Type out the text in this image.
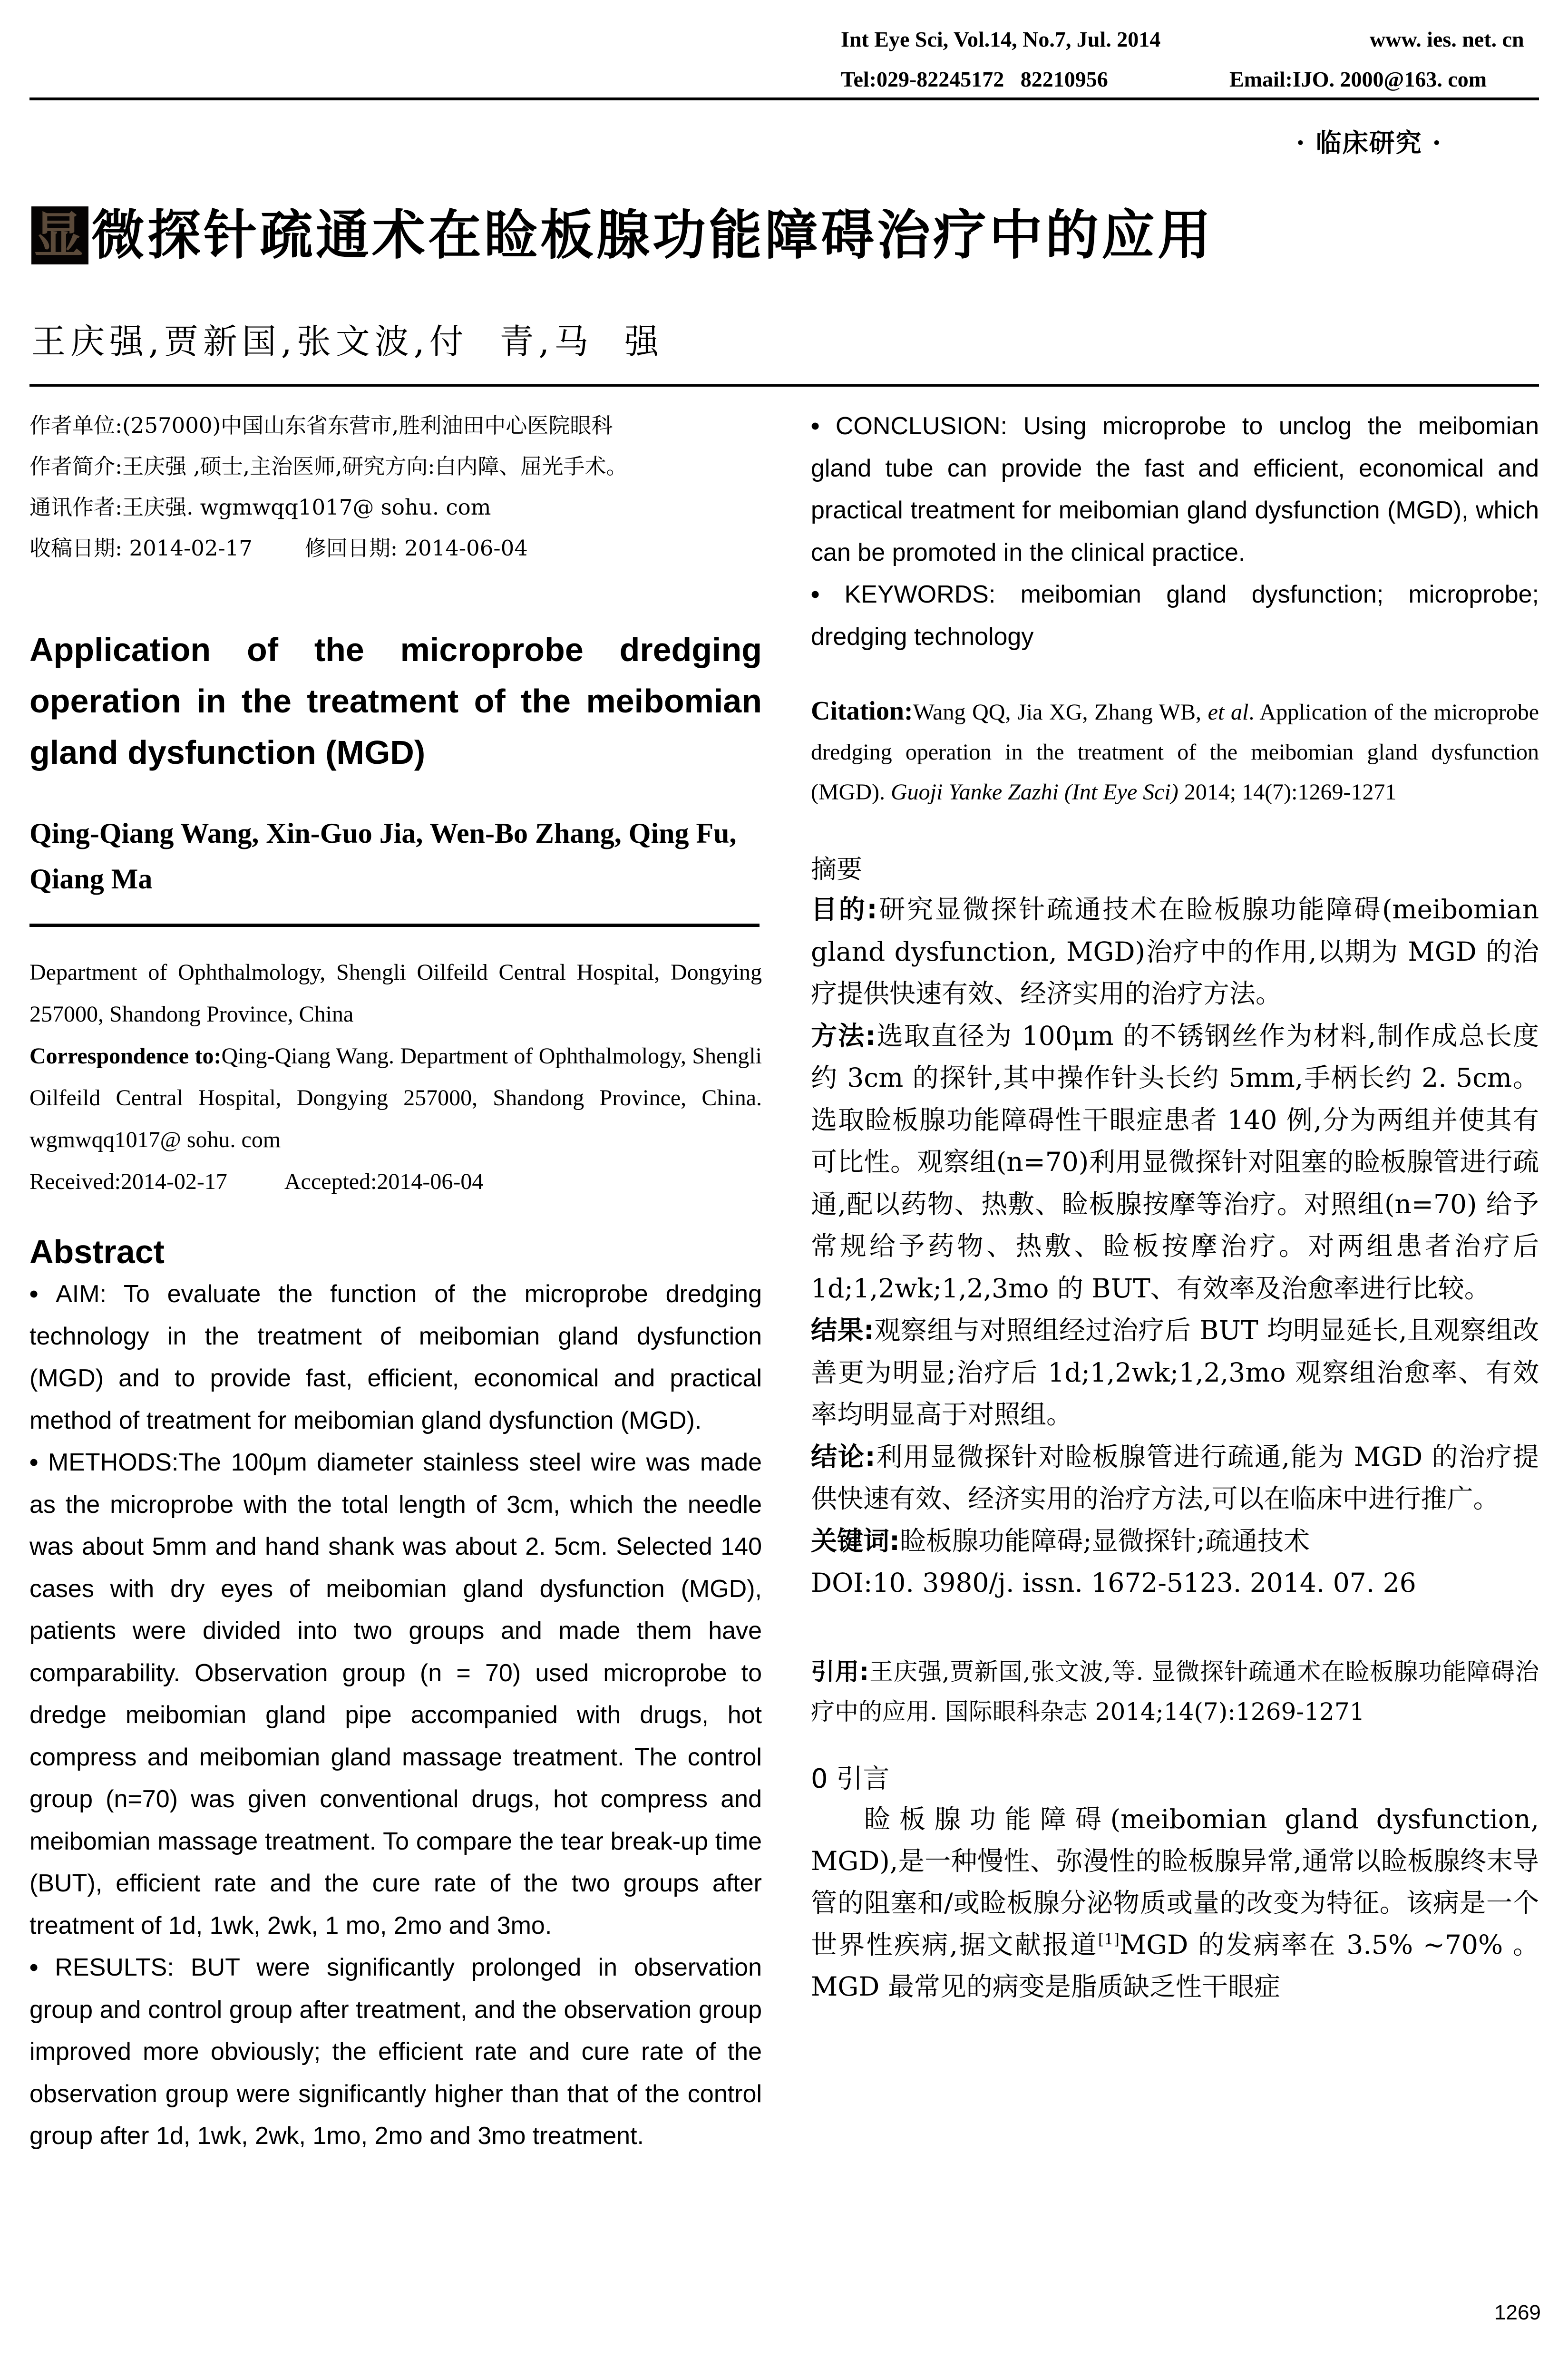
Int Eye Sci, Vol.14, No.7, Jul. 2014	www. ies. net. cn
Tel:029-82245172   82210956	Email:IJO. 2000@163. com
· 临床研究 ·
显 微探针疏通术在睑板腺功能障碍治疗中的应用
王庆强,贾新国,张文波,付  青,马  强

作者单位:(257000)中国山东省东营市,胜利油田中心医院眼科

作者简介:王庆强 ,硕士,主治医师,研究方向:白内障、屈光手术。

通讯作者:王庆强. wgmwqq1017@ sohu. com

收稿日期: 2014-02-17 修回日期: 2014-06-04

Application of the microprobe dredging operation in the treatment of the meibomian gland dysfunction (MGD)
Qing-Qiang Wang, Xin-Guo Jia, Wen-Bo Zhang, Qing Fu, Qiang Ma

Department of Ophthalmology, Shengli Oilfeild Central Hospital, Dongying 257000, Shandong Province, China

Correspondence to:Qing-Qiang Wang. Department of Ophthalmology, Shengli Oilfeild Central Hospital, Dongying 257000, Shandong Province, China. wgmwqq1017@ sohu. com

Received:2014-02-17	Accepted:2014-06-04

Abstract

• AIM: To evaluate the function of the microprobe dredging technology in the treatment of meibomian gland dysfunction (MGD) and to provide fast, efficient, economical and practical method of treatment for meibomian gland dysfunction (MGD).

• METHODS:The 100μm diameter stainless steel wire was made as the microprobe with the total length of 3cm, which the needle was about 5mm and hand shank was about 2. 5cm. Selected 140 cases with dry eyes of meibomian gland dysfunction (MGD), patients were divided into two groups and made them have comparability. Observation group (n = 70) used microprobe to dredge meibomian gland pipe accompanied with drugs, hot compress and meibomian gland massage treatment. The control group (n=70) was given conventional drugs, hot compress and meibomian massage treatment. To compare the tear break-up time (BUT), efficient rate and the cure rate of the two groups after treatment of 1d, 1wk, 2wk, 1 mo, 2mo and 3mo.

• RESULTS: BUT were significantly prolonged in observation group and control group after treatment, and the observation group improved more obviously; the efficient rate and cure rate of the observation group were significantly higher than that of the control group after 1d, 1wk, 2wk, 1mo, 2mo and 3mo treatment.

• CONCLUSION: Using microprobe to unclog the meibomian gland tube can provide the fast and efficient, economical and practical treatment for meibomian gland dysfunction (MGD), which can be promoted in the clinical practice.

• KEYWORDS: meibomian gland dysfunction; microprobe; dredging technology

Citation:Wang QQ, Jia XG, Zhang WB, et al. Application of the microprobe dredging operation in the treatment of the meibomian gland dysfunction (MGD). Guoji Yanke Zazhi (Int Eye Sci) 2014; 14(7):1269-1271
摘要

目的:研究显微探针疏通技术在睑板腺功能障碍(meibomian gland dysfunction, MGD)治疗中的作用,以期为 MGD 的治疗提供快速有效、经济实用的治疗方法。

方法:选取直径为 100μm 的不锈钢丝作为材料,制作成总长度约 3cm 的探针,其中操作针头长约 5mm,手柄长约 2. 5cm。选取睑板腺功能障碍性干眼症患者 140 例,分为两组并使其有可比性。观察组(n=70)利用显微探针对阻塞的睑板腺管进行疏通,配以药物、热敷、睑板腺按摩等治疗。对照组(n=70) 给予常规给予药物、热敷、睑板按摩治疗。对两组患者治疗后 1d;1,2wk;1,2,3mo 的 BUT、有效率及治愈率进行比较。

结果:观察组与对照组经过治疗后 BUT 均明显延长,且观察组改善更为明显;治疗后 1d;1,2wk;1,2,3mo 观察组治愈率、有效率均明显高于对照组。

结论:利用显微探针对睑板腺管进行疏通,能为 MGD 的治疗提供快速有效、经济实用的治疗方法,可以在临床中进行推广。

关键词:睑板腺功能障碍;显微探针;疏通技术

DOI:10. 3980/j. issn. 1672-5123. 2014. 07. 26

引用:王庆强,贾新国,张文波,等. 显微探针疏通术在睑板腺功能障碍治疗中的应用. 国际眼科杂志 2014;14(7):1269-1271

0 引言

睑板腺功能障碍(meibomian gland dysfunction, MGD),是一种慢性、弥漫性的睑板腺异常,通常以睑板腺终末导管的阻塞和/或睑板腺分泌物质或量的改变为特征。该病是一个世界性疾病,据文献报道[1]MGD 的发病率在 3.5% ~70% 。MGD 最常见的病变是脂质缺乏性干眼症

1269
